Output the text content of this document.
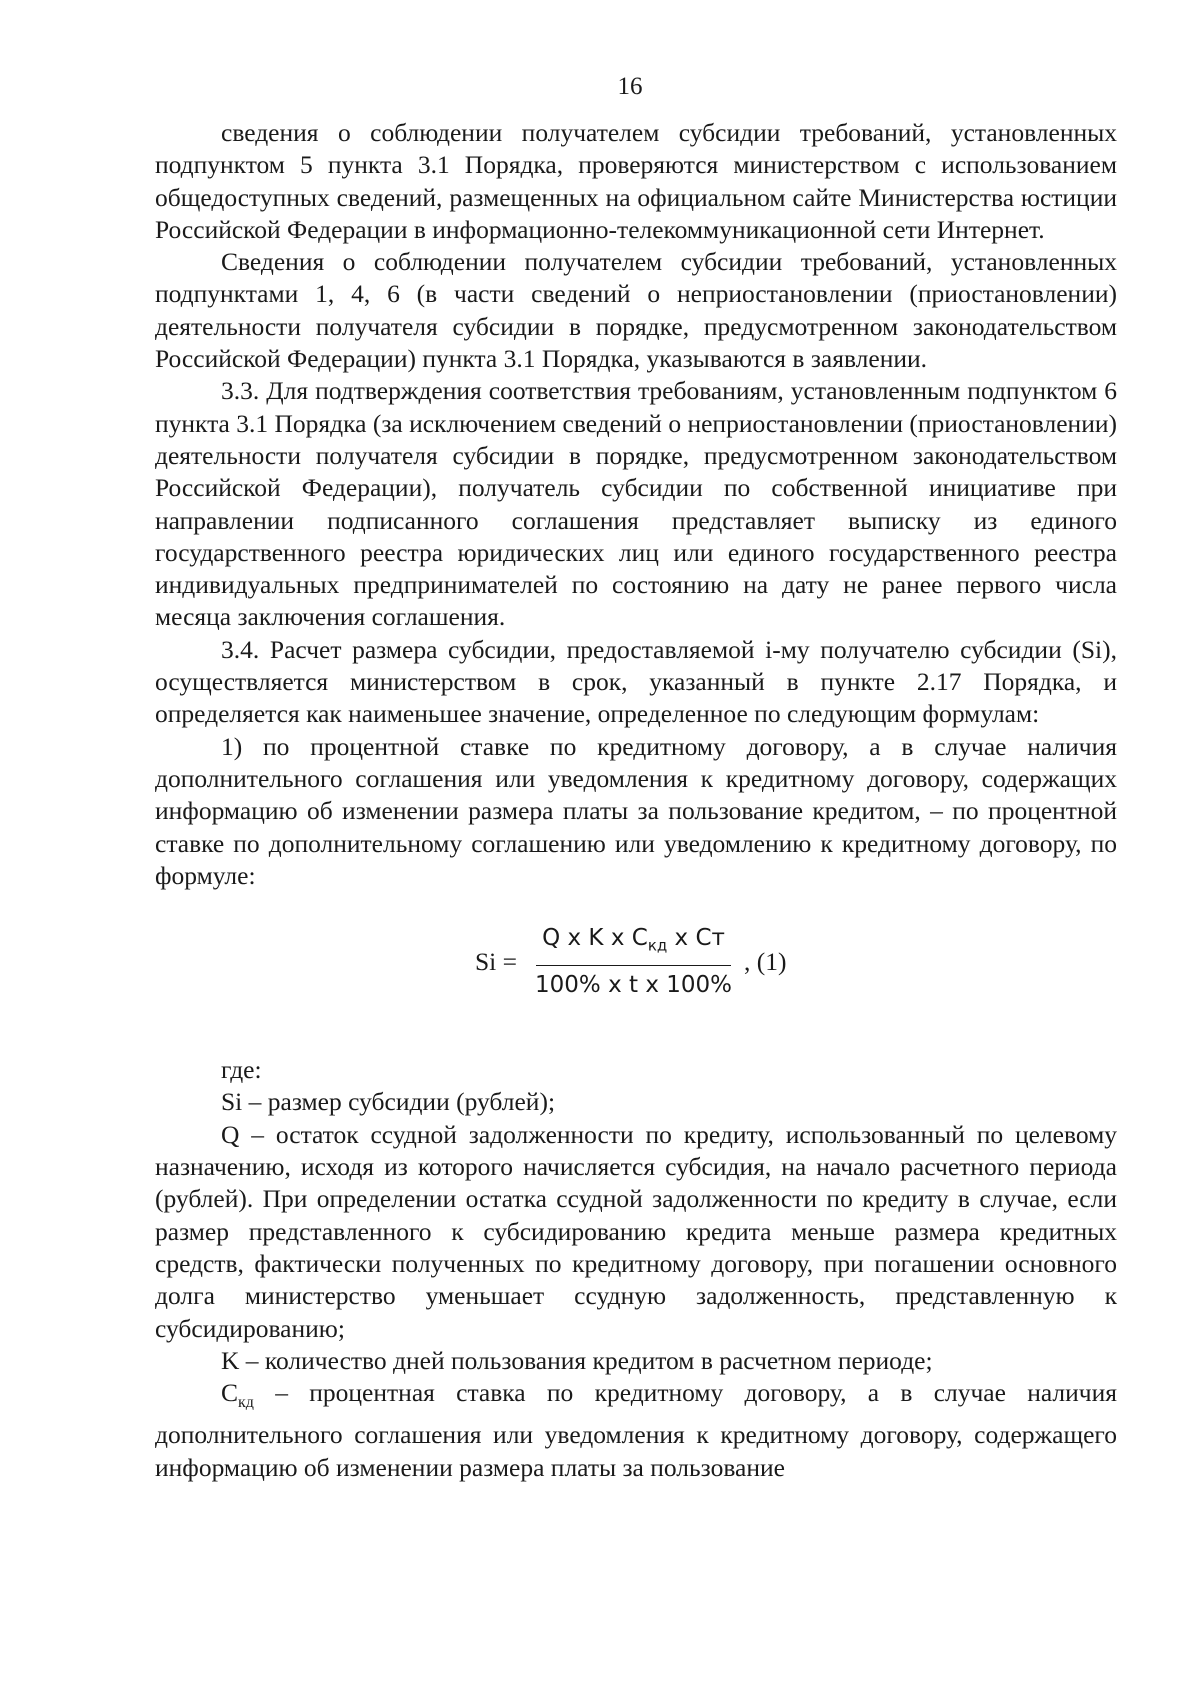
16

сведения о соблюдении получателем субсидии требований, установленных подпунктом 5 пункта 3.1 Порядка, проверяются министерством с использованием общедоступных сведений, размещенных на официальном сайте Министерства юстиции Российской Федерации в информационно-телекоммуникационной сети Интернет.

Сведения о соблюдении получателем субсидии требований, установленных подпунктами 1, 4, 6 (в части сведений о неприостановлении (приостановлении) деятельности получателя субсидии в порядке, предусмотренном законодательством Российской Федерации) пункта 3.1 Порядка, указываются в заявлении.

3.3. Для подтверждения соответствия требованиям, установленным подпунктом 6 пункта 3.1 Порядка (за исключением сведений о неприостановлении (приостановлении) деятельности получателя субсидии в порядке, предусмотренном законодательством Российской Федерации), получатель субсидии по собственной инициативе при направлении подписанного соглашения представляет выписку из единого государственного реестра юридических лиц или единого государственного реестра индивидуальных предпринимателей по состоянию на дату не ранее первого числа месяца заключения соглашения.

3.4. Расчет размера субсидии, предоставляемой i-му получателю субсидии (Si), осуществляется министерством в срок, указанный в пункте 2.17 Порядка, и определяется как наименьшее значение, определенное по следующим формулам:

1) по процентной ставке по кредитному договору, а в случае наличия дополнительного соглашения или уведомления к кредитному договору, содержащих информацию об изменении размера платы за пользование кредитом, – по процентной ставке по дополнительному соглашению или уведомлению к кредитному договору, по формуле:

$Si = \frac{Q x K x C_{кд} x Cт}{\text{100\% x t x 100\%}}$ , (1)

где:

Si – размер субсидии (рублей);

Q – остаток ссудной задолженности по кредиту, использованный по целевому назначению, исходя из которого начисляется субсидия, на начало расчетного периода (рублей). При определении остатка ссудной задолженности по кредиту в случае, если размер представленного к субсидированию кредита меньше размера кредитных средств, фактически полученных по кредитному договору, при погашении основного долга министерство уменьшает ссудную задолженность, представленную к субсидированию;

K – количество дней пользования кредитом в расчетном периоде;

$C_{кд}$ – процентная ставка по кредитному договору, а в случае наличия дополнительного соглашения или уведомления к кредитному договору, содержащего информацию об изменении размера платы за пользование
